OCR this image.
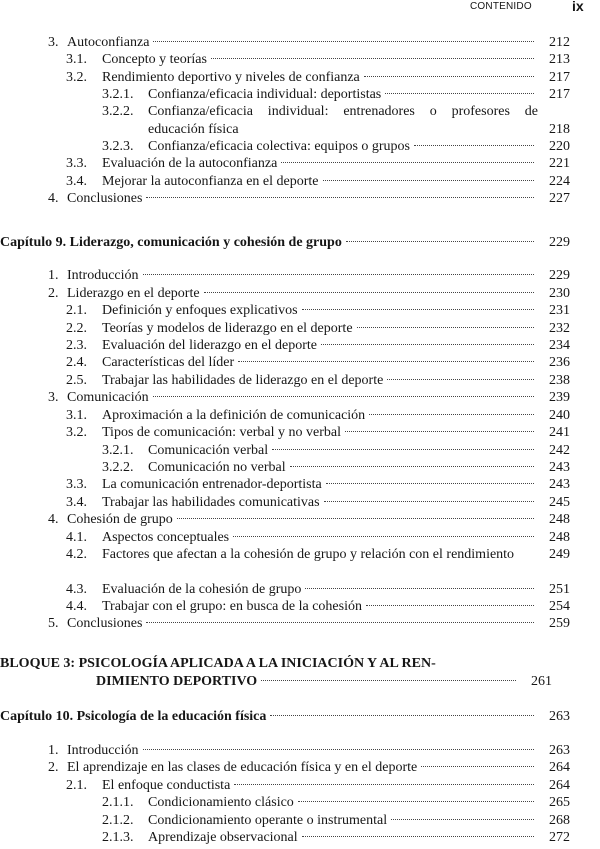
CONTENIDO	ix
3. Autoconfianza	212
3.1.	Concepto y teorías	213
3.2.	Rendimiento deportivo y niveles de confianza	217
3.2.1.	Confianza/eficacia individual: deportistas	217
3.2.2.	Confianza/eficacia individual: entrenadores o profesores de educación física	218
3.2.3.	Confianza/eficacia colectiva: equipos o grupos	220
3.3.	Evaluación de la autoconfianza	221
3.4.	Mejorar la autoconfianza en el deporte	224
4. Conclusiones	227
Capítulo 9. Liderazgo, comunicación y cohesión de grupo	229
1. Introducción	229
2. Liderazgo en el deporte	230
2.1.	Definición y enfoques explicativos	231
2.2.	Teorías y modelos de liderazgo en el deporte	232
2.3.	Evaluación del liderazgo en el deporte	234
2.4.	Características del líder	236
2.5.	Trabajar las habilidades de liderazgo en el deporte	238
3. Comunicación	239
3.1.	Aproximación a la definición de comunicación	240
3.2.	Tipos de comunicación: verbal y no verbal	241
3.2.1.	Comunicación verbal	242
3.2.2.	Comunicación no verbal	243
3.3.	La comunicación entrenador-deportista	243
3.4.	Trabajar las habilidades comunicativas	245
4. Cohesión de grupo	248
4.1.	Aspectos conceptuales	248
4.2.	Factores que afectan a la cohesión de grupo y relación con el rendimiento	249
4.3.	Evaluación de la cohesión de grupo	251
4.4.	Trabajar con el grupo: en busca de la cohesión	254
5. Conclusiones	259
BLOQUE 3: PSICOLOGÍA APLICADA A LA INICIACIÓN Y AL REN-
DIMIENTO DEPORTIVO	261
Capítulo 10. Psicología de la educación física	263
1. Introducción	263
2. El aprendizaje en las clases de educación física y en el deporte	264
2.1.	El enfoque conductista	264
2.1.1.	Condicionamiento clásico	265
2.1.2.	Condicionamiento operante o instrumental	268
2.1.3.	Aprendizaje observacional	272
